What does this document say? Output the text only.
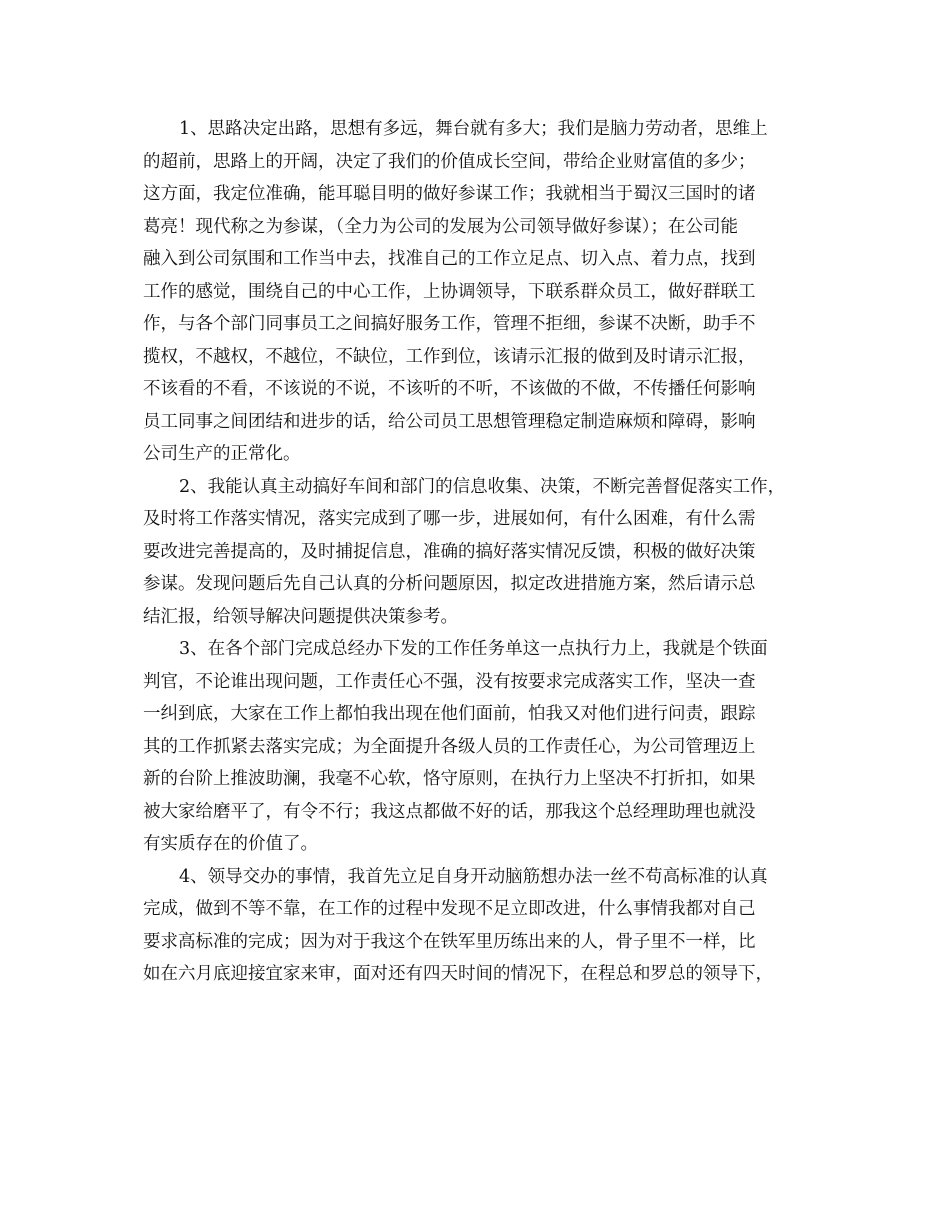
1、思路决定出路，思想有多远，舞台就有多大；我们是脑力劳动者，思维上
的超前，思路上的开阔，决定了我们的价值成长空间，带给企业财富值的多少；
这方面，我定位准确，能耳聪目明的做好参谋工作；我就相当于蜀汉三国时的诸
葛亮！现代称之为参谋，（全力为公司的发展为公司领导做好参谋）；在公司能
融入到公司氛围和工作当中去，找准自己的工作立足点、切入点、着力点，找到
工作的感觉，围绕自己的中心工作，上协调领导，下联系群众员工，做好群联工
作，与各个部门同事员工之间搞好服务工作，管理不拒细，参谋不决断，助手不
揽权，不越权，不越位，不缺位，工作到位，该请示汇报的做到及时请示汇报，
不该看的不看，不该说的不说，不该听的不听，不该做的不做，不传播任何影响
员工同事之间团结和进步的话，给公司员工思想管理稳定制造麻烦和障碍，影响
公司生产的正常化。
2、我能认真主动搞好车间和部门的信息收集、决策，不断完善督促落实工作，
及时将工作落实情况，落实完成到了哪一步，进展如何，有什么困难，有什么需
要改进完善提高的，及时捕捉信息，准确的搞好落实情况反馈，积极的做好决策
参谋。发现问题后先自己认真的分析问题原因，拟定改进措施方案，然后请示总
结汇报，给领导解决问题提供决策参考。
3、在各个部门完成总经办下发的工作任务单这一点执行力上，我就是个铁面
判官，不论谁出现问题，工作责任心不强，没有按要求完成落实工作，坚决一查
一纠到底，大家在工作上都怕我出现在他们面前，怕我又对他们进行问责，跟踪
其的工作抓紧去落实完成；为全面提升各级人员的工作责任心，为公司管理迈上
新的台阶上推波助澜，我毫不心软，恪守原则，在执行力上坚决不打折扣，如果
被大家给磨平了，有令不行；我这点都做不好的话，那我这个总经理助理也就没
有实质存在的价值了。
4、领导交办的事情，我首先立足自身开动脑筋想办法一丝不苟高标准的认真
完成，做到不等不靠，在工作的过程中发现不足立即改进，什么事情我都对自己
要求高标准的完成；因为对于我这个在铁军里历练出来的人，骨子里不一样，比
如在六月底迎接宜家来审，面对还有四天时间的情况下，在程总和罗总的领导下，
